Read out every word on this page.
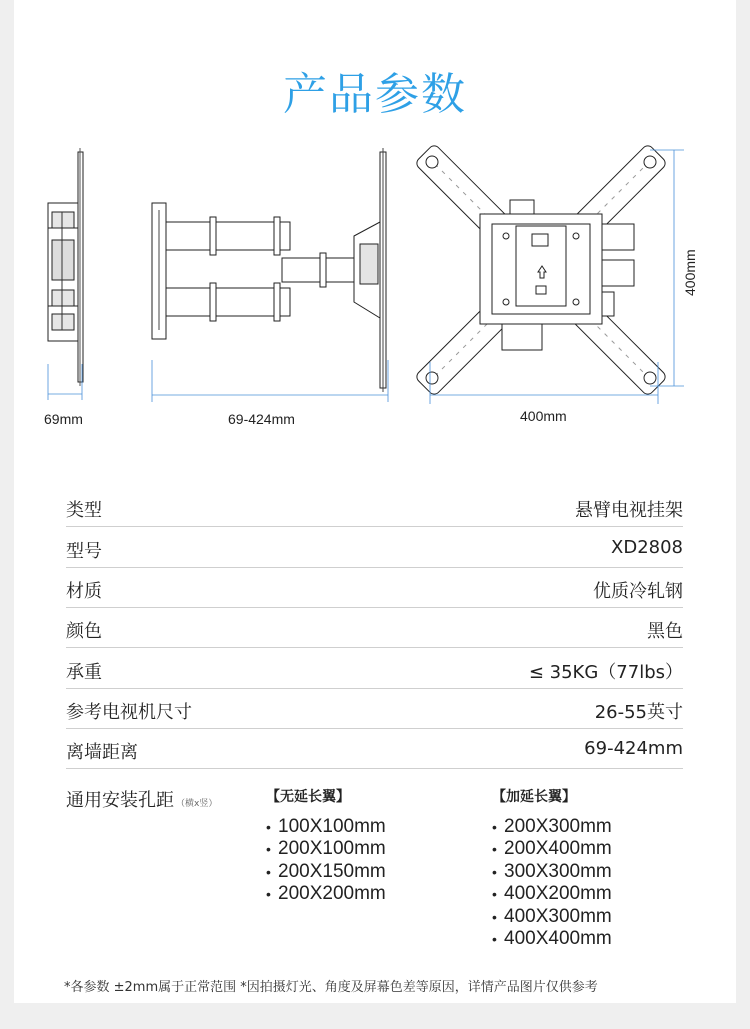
产品参数
69mm	69-424mm	400mm
400mm
类型	悬臂电视挂架
型号	XD2808
材质	优质冷轧钢
颜色	黑色
承重	≤ 35KG（77lbs）
参考电视机尺寸	26-55英寸
离墙距离	69-424mm
通用安装孔距 （横x竖）	【无延长翼】
• 100X100mm
• 200X100mm
• 200X150mm
• 200X200mm
【加延长翼】
• 200X300mm
• 200X400mm
• 300X300mm
• 400X200mm
• 400X300mm
• 400X400mm
*各参数 ±2mm属于正常范围 *因拍摄灯光、角度及屏幕色差等原因，详情产品图片仅供参考
